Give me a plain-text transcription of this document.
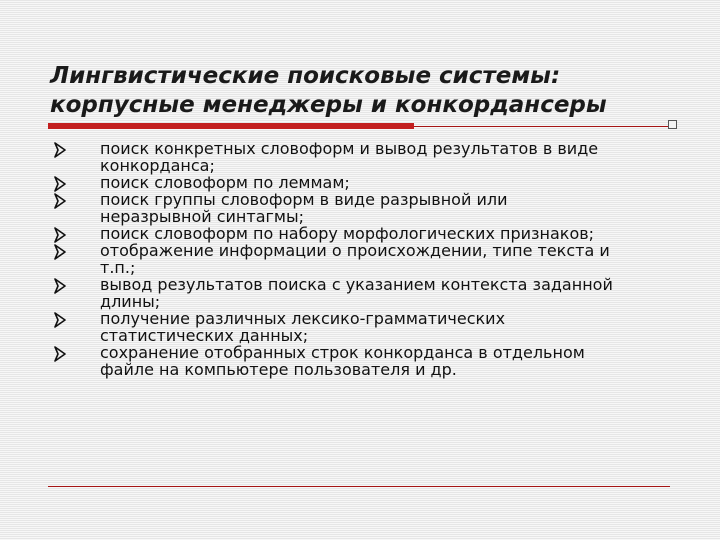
Лингвистические поисковые системы:
корпусные менеджеры и конкордансеры
поиск конкретных словоформ и вывод результатов в виде
конкорданса;
поиск словоформ по леммам;
поиск группы словоформ в виде разрывной или
неразрывной синтагмы;
поиск словоформ по набору морфологических признаков;
отображение информации о происхождении, типе текста и
т.п.;
вывод результатов поиска с указанием контекста заданной
длины;
получение различных лексико-грамматических
статистических данных;
сохранение отобранных строк конкорданса в отдельном
файле на компьютере пользователя и др.
